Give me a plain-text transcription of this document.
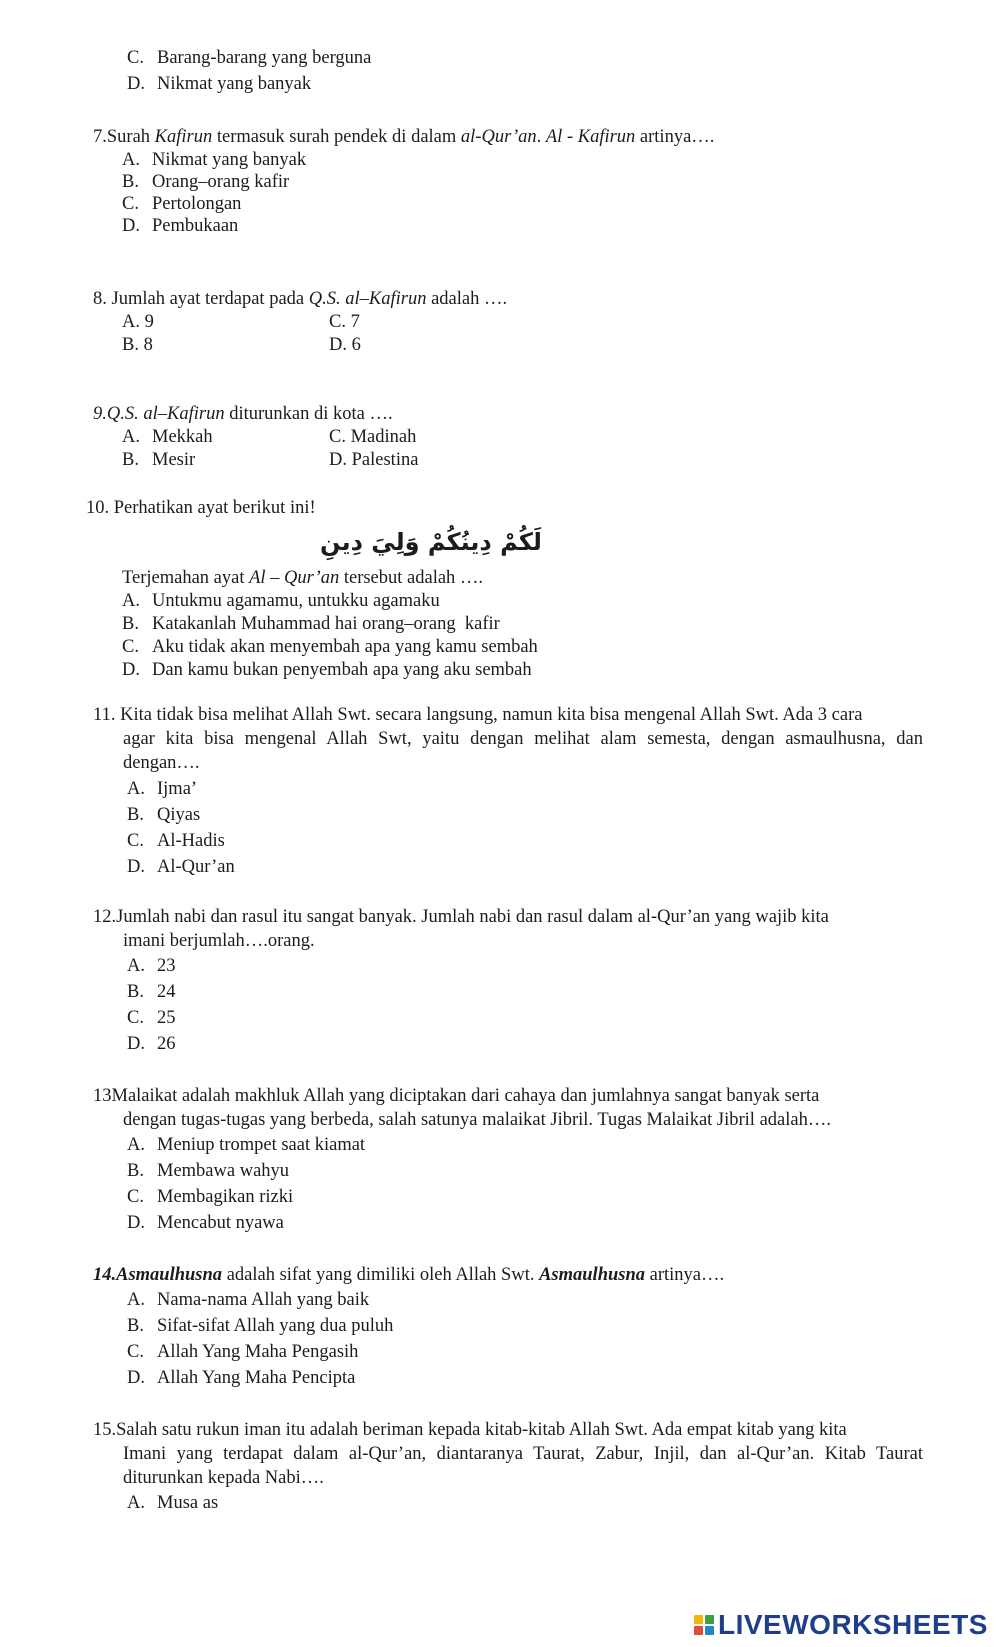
C. Barang-barang yang berguna
D. Nikmat yang banyak
7.Surah Kafirun termasuk surah pendek di dalam al-Qur’an. Al - Kafirun artinya….
A. Nikmat yang banyak
B. Orang–orang kafir
C. Pertolongan
D. Pembukaan
8. Jumlah ayat terdapat pada Q.S. al–Kafirun adalah ….
A. 9	C. 7
B. 8	D. 6
9.Q.S. al–Kafirun diturunkan di kota ….
A. Mekkah	C. Madinah
B. Mesir	D. Palestina
10. Perhatikan ayat berikut ini!
لَكُمْ دِينُكُمْ وَلِيَ دِينِ
Terjemahan ayat Al – Qur’an tersebut adalah ….
A. Untukmu agamamu, untukku agamaku
B. Katakanlah Muhammad hai orang–orang  kafir
C. Aku tidak akan menyembah apa yang kamu sembah
D. Dan kamu bukan penyembah apa yang aku sembah
11. Kita tidak bisa melihat Allah Swt. secara langsung, namun kita bisa mengenal Allah Swt. Ada 3 cara
agar kita bisa mengenal Allah Swt, yaitu dengan melihat alam semesta, dengan asmaulhusna, dan dengan….
A. Ijma’
B. Qiyas
C. Al-Hadis
D. Al-Qur’an
12.Jumlah nabi dan rasul itu sangat banyak. Jumlah nabi dan rasul dalam al-Qur’an yang wajib kita
imani berjumlah….orang.
A. 23
B. 24
C. 25
D. 26
13Malaikat adalah makhluk Allah yang diciptakan dari cahaya dan jumlahnya sangat banyak serta
dengan tugas-tugas yang berbeda, salah satunya malaikat Jibril. Tugas Malaikat Jibril adalah….
A. Meniup trompet saat kiamat
B. Membawa wahyu
C. Membagikan rizki
D. Mencabut nyawa
14.Asmaulhusna adalah sifat yang dimiliki oleh Allah Swt. Asmaulhusna artinya….
A. Nama-nama Allah yang baik
B. Sifat-sifat Allah yang dua puluh
C. Allah Yang Maha Pengasih
D. Allah Yang Maha Pencipta
15.Salah satu rukun iman itu adalah beriman kepada kitab-kitab Allah Swt. Ada empat kitab yang kita
Imani yang terdapat dalam al-Qur’an, diantaranya Taurat, Zabur, Injil, dan al-Qur’an. Kitab Taurat diturunkan kepada Nabi….
A. Musa as
LIVEWORKSHEETS
